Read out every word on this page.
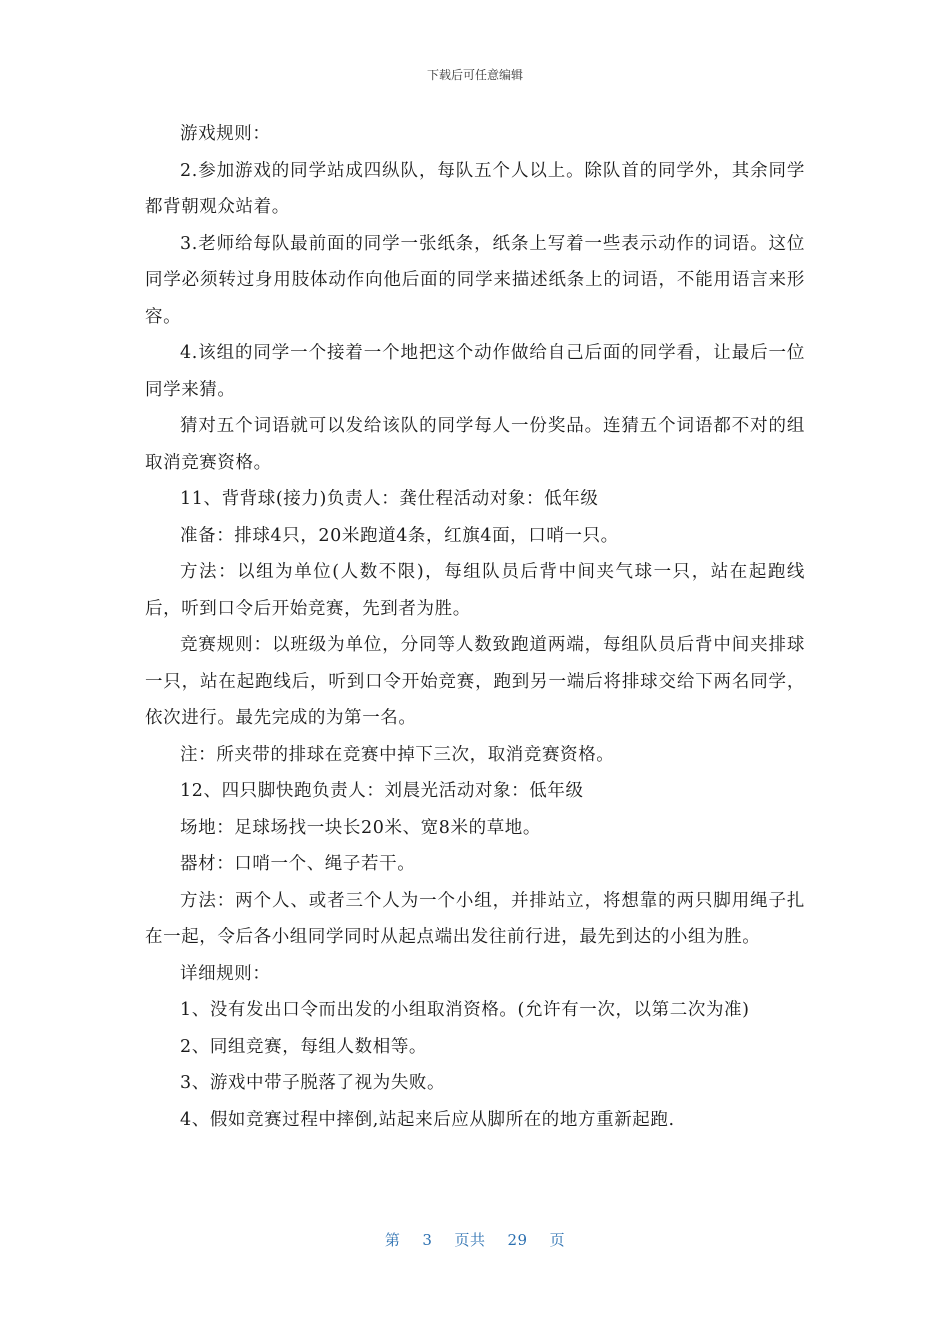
下载后可任意编辑

游戏规则：

2.参加游戏的同学站成四纵队，每队五个人以上。除队首的同学外，其余同学都背朝观众站着。

3.老师给每队最前面的同学一张纸条，纸条上写着一些表示动作的词语。这位同学必须转过身用肢体动作向他后面的同学来描述纸条上的词语，不能用语言来形容。

4.该组的同学一个接着一个地把这个动作做给自己后面的同学看，让最后一位同学来猜。

猜对五个词语就可以发给该队的同学每人一份奖品。连猜五个词语都不对的组取消竞赛资格。

11、背背球(接力)负责人：龚仕程活动对象：低年级

准备：排球4只，20米跑道4条，红旗4面，口哨一只。

方法：以组为单位(人数不限)，每组队员后背中间夹气球一只，站在起跑线后，听到口令后开始竞赛，先到者为胜。

竞赛规则：以班级为单位，分同等人数致跑道两端，每组队员后背中间夹排球一只，站在起跑线后，听到口令开始竞赛，跑到另一端后将排球交给下两名同学，依次进行。最先完成的为第一名。

注：所夹带的排球在竞赛中掉下三次，取消竞赛资格。

12、四只脚快跑负责人：刘晨光活动对象：低年级

场地：足球场找一块长20米、宽8米的草地。

器材：口哨一个、绳子若干。

方法：两个人、或者三个人为一个小组，并排站立，将想靠的两只脚用绳子扎在一起，令后各小组同学同时从起点端出发往前行进，最先到达的小组为胜。

详细规则：

1、没有发出口令而出发的小组取消资格。(允许有一次，以第二次为准)

2、同组竞赛，每组人数相等。

3、游戏中带子脱落了视为失败。

4、假如竞赛过程中摔倒,站起来后应从脚所在的地方重新起跑.

第 3 页共 29 页
